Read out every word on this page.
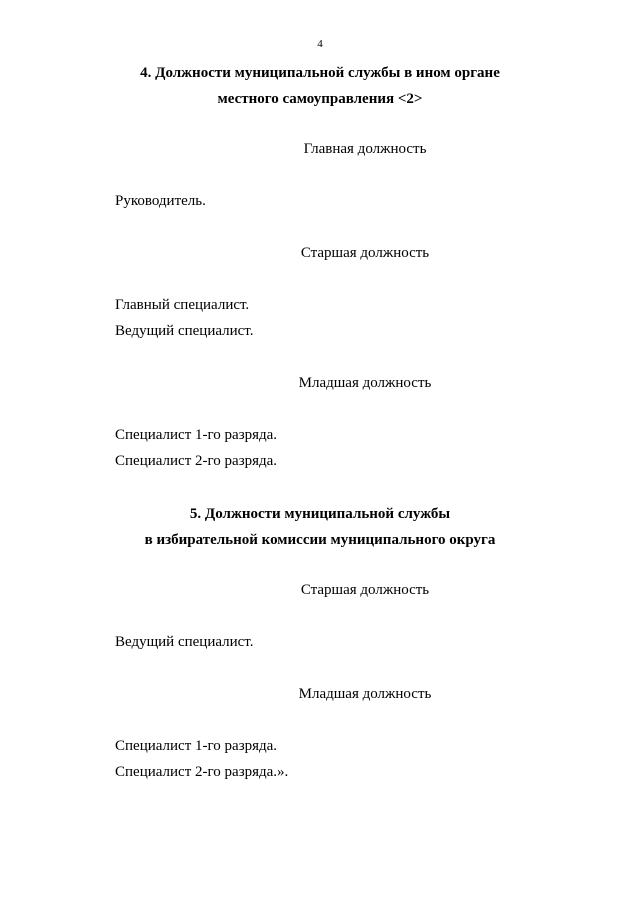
4
4. Должности муниципальной службы в ином органе
местного самоуправления <2>
Главная должность
Руководитель.
Старшая должность
Главный специалист.
Ведущий специалист.
Младшая должность
Специалист 1-го разряда.
Специалист 2-го разряда.
5. Должности муниципальной службы
в избирательной комиссии муниципального округа
Старшая должность
Ведущий специалист.
Младшая должность
Специалист 1-го разряда.
Специалист 2-го разряда.».
